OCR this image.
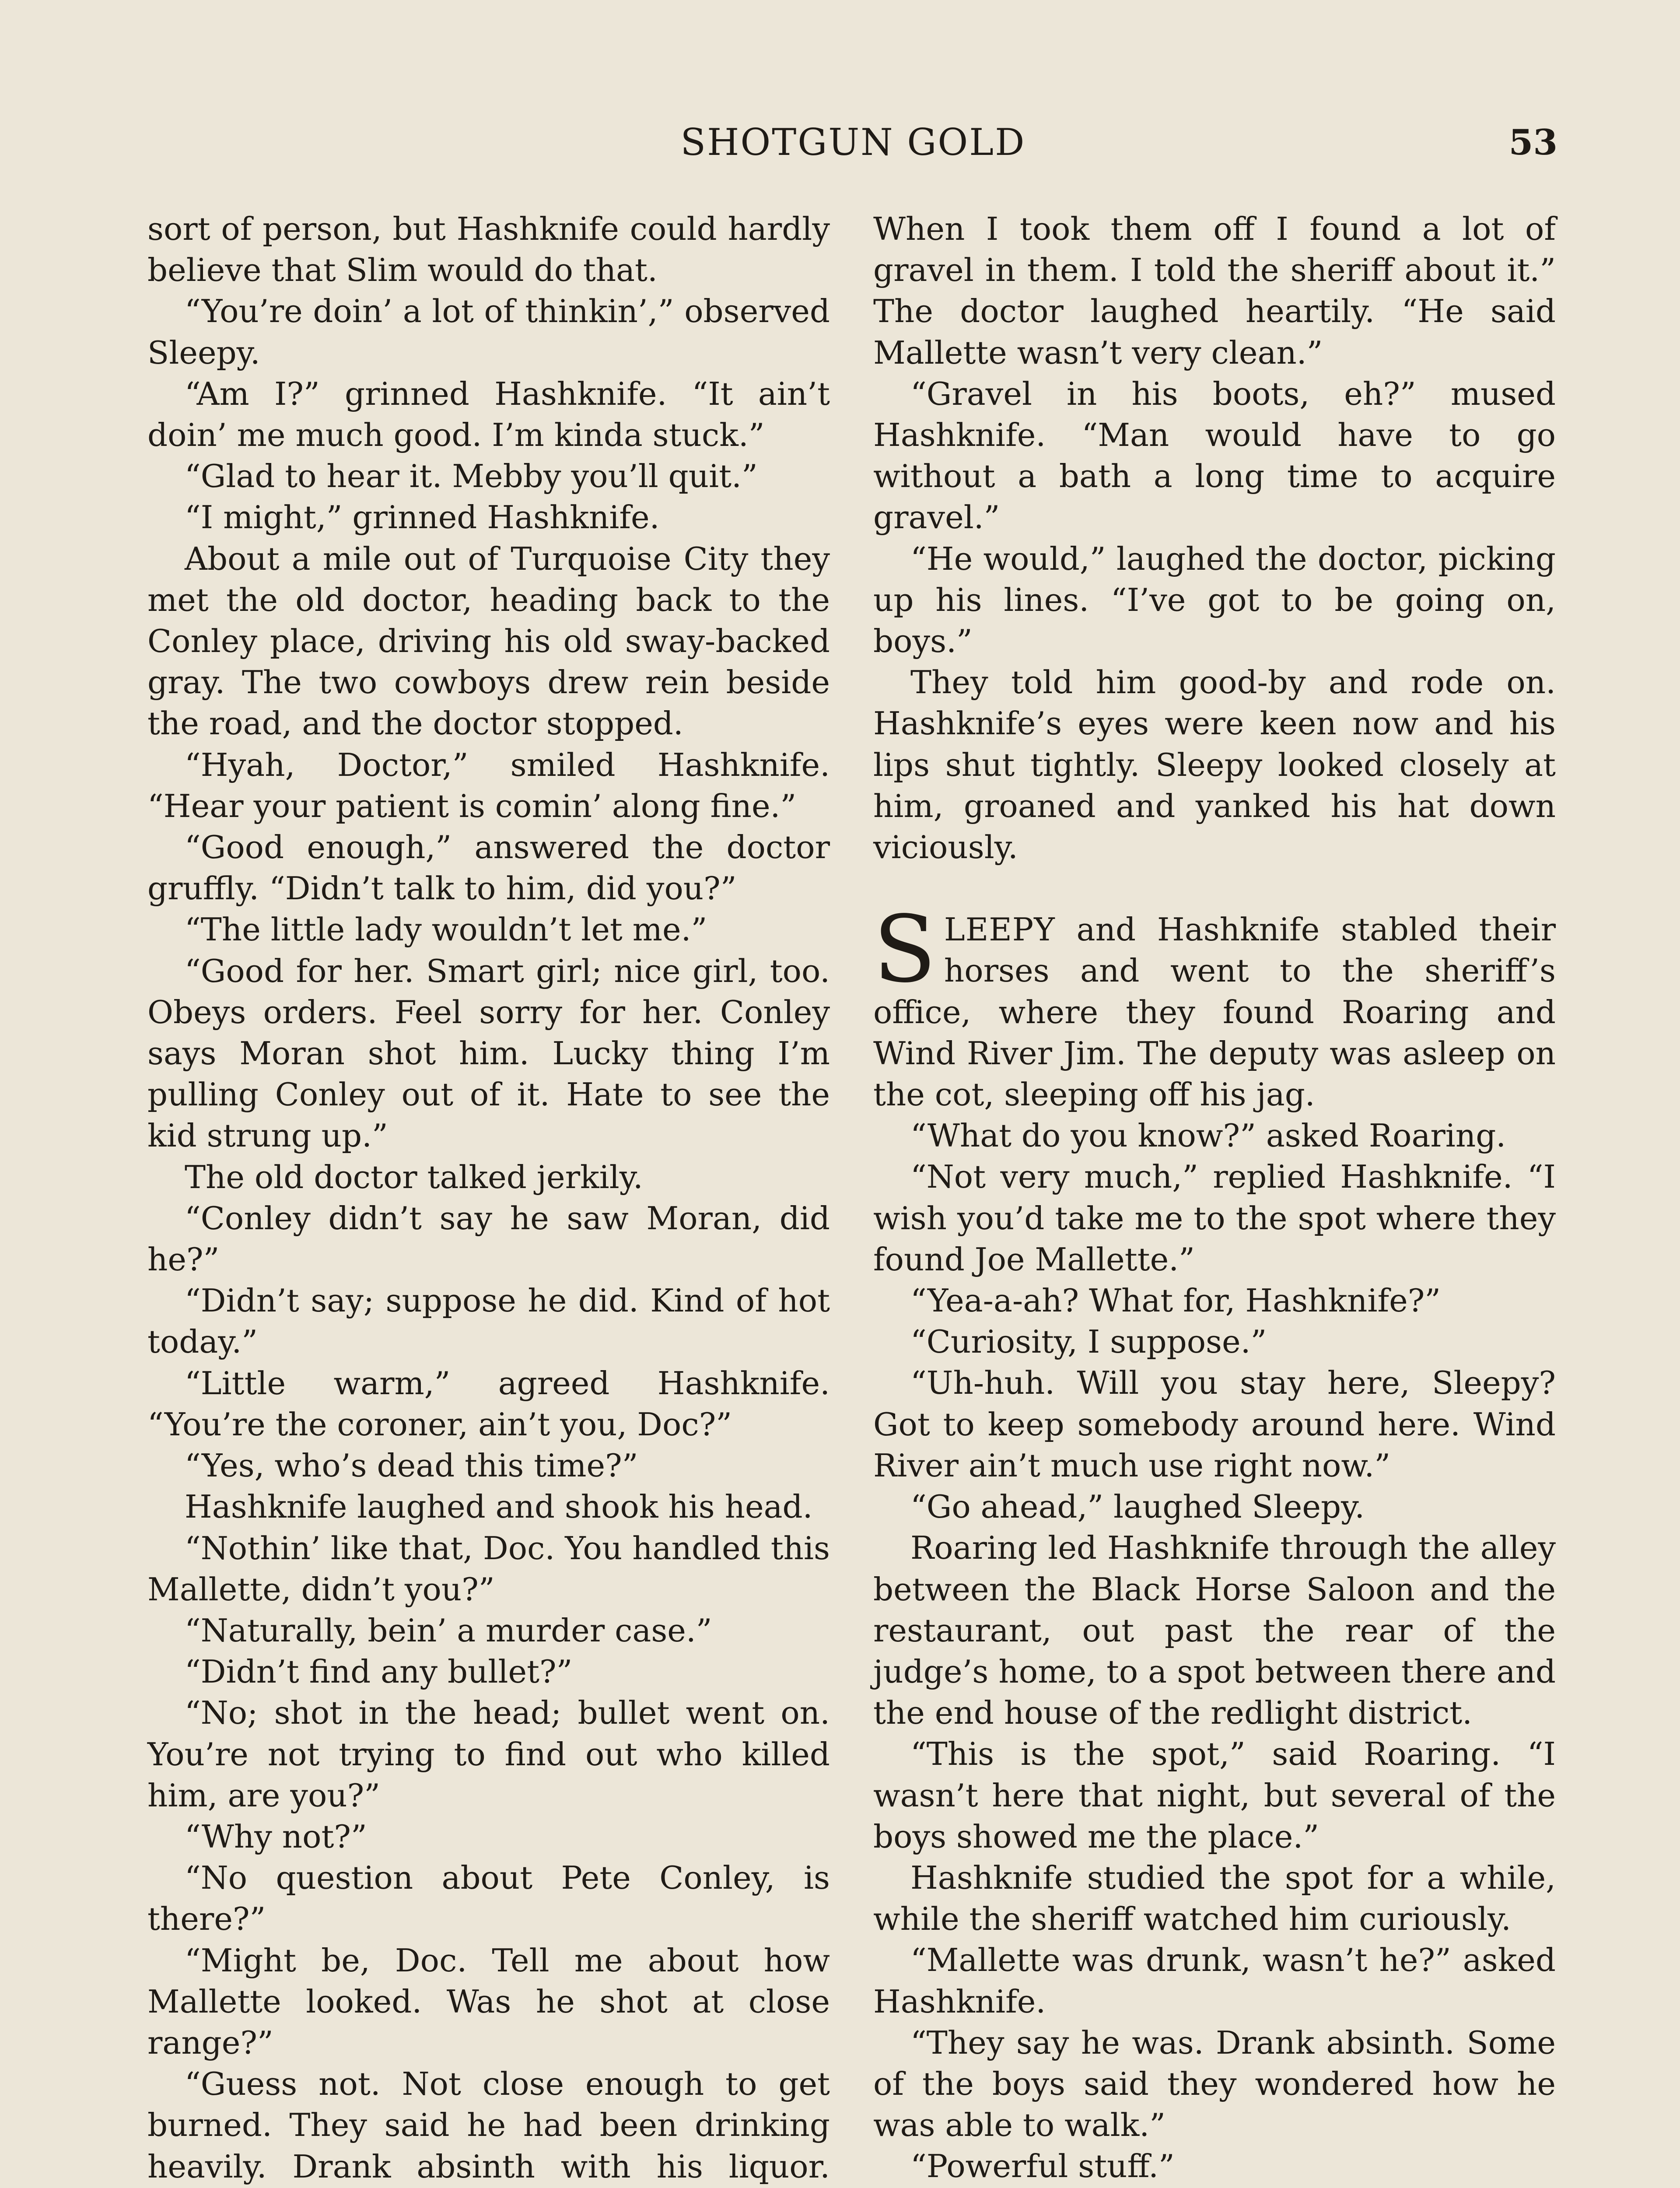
SHOTGUN GOLD	53

sort of person, but Hashknife could hardly believe that Slim would do that.

“You’re doin’ a lot of thinkin’,” observed Sleepy.

“Am I?” grinned Hashknife. “It ain’t doin’ me much good. I’m kinda stuck.”

“Glad to hear it. Mebby you’ll quit.”

“I might,” grinned Hashknife.

About a mile out of Turquoise City they met the old doctor, heading back to the Conley place, driving his old sway-backed gray. The two cowboys drew rein beside the road, and the doctor stopped.

“Hyah, Doctor,” smiled Hashknife. “Hear your patient is comin’ along fine.”

“Good enough,” answered the doctor gruffly. “Didn’t talk to him, did you?”

“The little lady wouldn’t let me.”

“Good for her. Smart girl; nice girl, too. Obeys orders. Feel sorry for her. Conley says Moran shot him. Lucky thing I’m pulling Conley out of it. Hate to see the kid strung up.”

The old doctor talked jerkily.

“Conley didn’t say he saw Moran, did he?”

“Didn’t say; suppose he did. Kind of hot today.”

“Little warm,” agreed Hashknife. “You’re the coroner, ain’t you, Doc?”

“Yes, who’s dead this time?”

Hashknife laughed and shook his head.

“Nothin’ like that, Doc. You handled this Mallette, didn’t you?”

“Naturally, bein’ a murder case.”

“Didn’t find any bullet?”

“No; shot in the head; bullet went on. You’re not trying to find out who killed him, are you?”

“Why not?”

“No question about Pete Conley, is there?”

“Might be, Doc. Tell me about how Mallette looked. Was he shot at close range?”

“Guess not. Not close enough to get burned. They said he had been drinking heavily. Drank absinth with his liquor.

When I took them off I found a lot of gravel in them. I told the sheriff about it.” The doctor laughed heartily. “He said Mallette wasn’t very clean.”

“Gravel in his boots, eh?” mused Hashknife. “Man would have to go without a bath a long time to acquire gravel.”

“He would,” laughed the doctor, picking up his lines. “I’ve got to be going on, boys.”

They told him good-by and rode on. Hashknife’s eyes were keen now and his lips shut tightly. Sleepy looked closely at him, groaned and yanked his hat down viciously.

SLEEPY and Hashknife stabled their horses and went to the sheriff’s office, where they found Roaring and Wind River Jim. The deputy was asleep on the cot, sleeping off his jag.

“What do you know?” asked Roaring.

“Not very much,” replied Hashknife. “I wish you’d take me to the spot where they found Joe Mallette.”

“Yea-a-ah? What for, Hashknife?”

“Curiosity, I suppose.”

“Uh-huh. Will you stay here, Sleepy? Got to keep somebody around here. Wind River ain’t much use right now.”

“Go ahead,” laughed Sleepy.

Roaring led Hashknife through the alley between the Black Horse Saloon and the restaurant, out past the rear of the judge’s home, to a spot between there and the end house of the redlight district.

“This is the spot,” said Roaring. “I wasn’t here that night, but several of the boys showed me the place.”

Hashknife studied the spot for a while, while the sheriff watched him curiously.

“Mallette was drunk, wasn’t he?” asked Hashknife.

“They say he was. Drank absinth. Some of the boys said they wondered how he was able to walk.”

“Powerful stuff.”
